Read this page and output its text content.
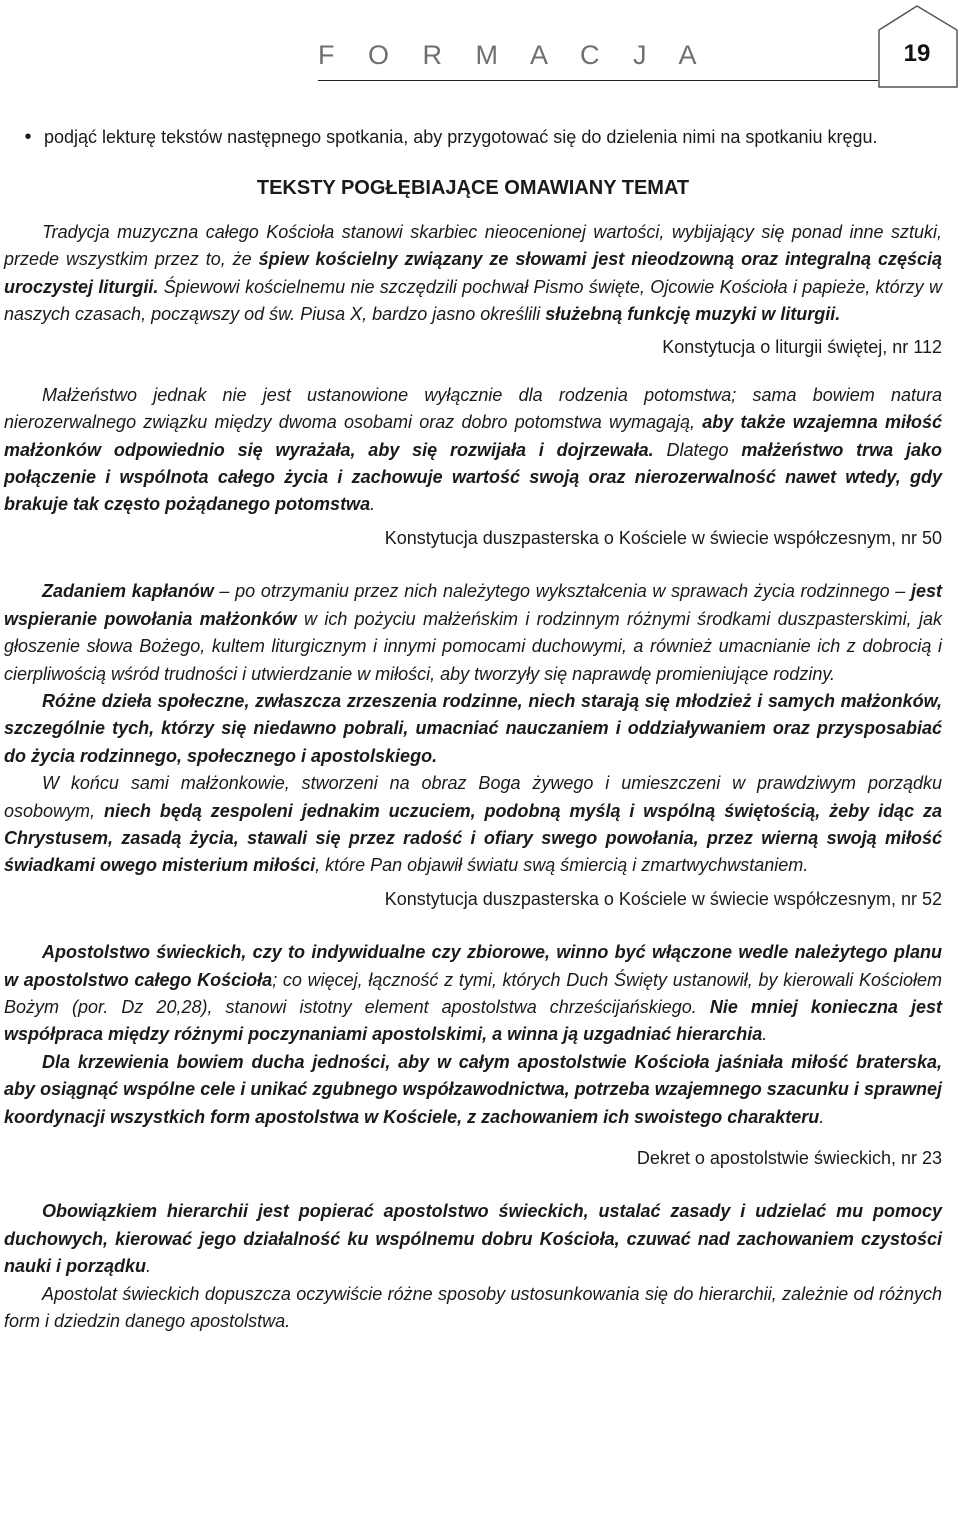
F O R M A C J A	19
• podjąć lekturę tekstów następnego spotkania, aby przygotować się do dzielenia nimi na spotkaniu kręgu.
TEKSTY POGŁĘBIAJĄCE OMAWIANY TEMAT

Tradycja muzyczna całego Kościoła stanowi skarbiec nieocenionej wartości, wybijający się ponad inne sztuki, przede wszystkim przez to, że śpiew kościelny związany ze słowami jest nieodzowną oraz integralną częścią uroczystej liturgii. Śpiewowi kościelnemu nie szczędzili pochwał Pismo święte, Ojcowie Kościoła i papieże, którzy w naszych czasach, począwszy od św. Piusa X, bardzo jasno określili służebną funkcję muzyki w liturgii.

Konstytucja o liturgii świętej, nr 112

Małżeństwo jednak nie jest ustanowione wyłącznie dla rodzenia potomstwa; sama bowiem natura nierozerwalnego związku między dwoma osobami oraz dobro potomstwa wymagają, aby także wzajemna miłość małżonków odpowiednio się wyrażała, aby się rozwijała i dojrzewała. Dlatego małżeństwo trwa jako połączenie i wspólnota całego życia i zachowuje wartość swoją oraz nierozerwalność nawet wtedy, gdy brakuje tak często pożądanego potomstwa.

Konstytucja duszpasterska o Kościele w świecie współczesnym, nr 50

Zadaniem kapłanów – po otrzymaniu przez nich należytego wykształcenia w sprawach życia rodzinnego – jest wspieranie powołania małżonków w ich pożyciu małżeńskim i rodzinnym różnymi środkami duszpasterskimi, jak głoszenie słowa Bożego, kultem liturgicznym i innymi pomocami duchowymi, a również umacnianie ich z dobrocią i cierpliwością wśród trudności i utwierdzanie w miłości, aby tworzyły się naprawdę promieniujące rodziny.

Różne dzieła społeczne, zwłaszcza zrzeszenia rodzinne, niech starają się młodzież i samych małżonków, szczególnie tych, którzy się niedawno pobrali, umacniać nauczaniem i oddziaływaniem oraz przysposabiać do życia rodzinnego, społecznego i apostolskiego.

W końcu sami małżonkowie, stworzeni na obraz Boga żywego i umieszczeni w prawdziwym porządku osobowym, niech będą zespoleni jednakim uczuciem, podobną myślą i wspólną świętością, żeby idąc za Chrystusem, zasadą życia, stawali się przez radość i ofiary swego powołania, przez wierną swoją miłość świadkami owego misterium miłości, które Pan objawił światu swą śmiercią i zmartwychwstaniem.

Konstytucja duszpasterska o Kościele w świecie współczesnym, nr 52

Apostolstwo świeckich, czy to indywidualne czy zbiorowe, winno być włączone wedle należytego planu w apostolstwo całego Kościoła; co więcej, łączność z tymi, których Duch Święty ustanowił, by kierowali Kościołem Bożym (por. Dz 20,28), stanowi istotny element apostolstwa chrześcijańskiego. Nie mniej konieczna jest współpraca między różnymi poczynaniami apostolskimi, a winna ją uzgadniać hierarchia.

Dla krzewienia bowiem ducha jedności, aby w całym apostolstwie Kościoła jaśniała miłość braterska, aby osiągnąć wspólne cele i unikać zgubnego współzawodnictwa, potrzeba wzajemnego szacunku i sprawnej koordynacji wszystkich form apostolstwa w Kościele, z zachowaniem ich swoistego charakteru.

Dekret o apostolstwie świeckich, nr 23

Obowiązkiem hierarchii jest popierać apostolstwo świeckich, ustalać zasady i udzielać mu pomocy duchowych, kierować jego działalność ku wspólnemu dobru Kościoła, czuwać nad zachowaniem czystości nauki i porządku.

Apostolat świeckich dopuszcza oczywiście różne sposoby ustosunkowania się do hierarchii, zależnie od różnych form i dziedzin danego apostolstwa.
